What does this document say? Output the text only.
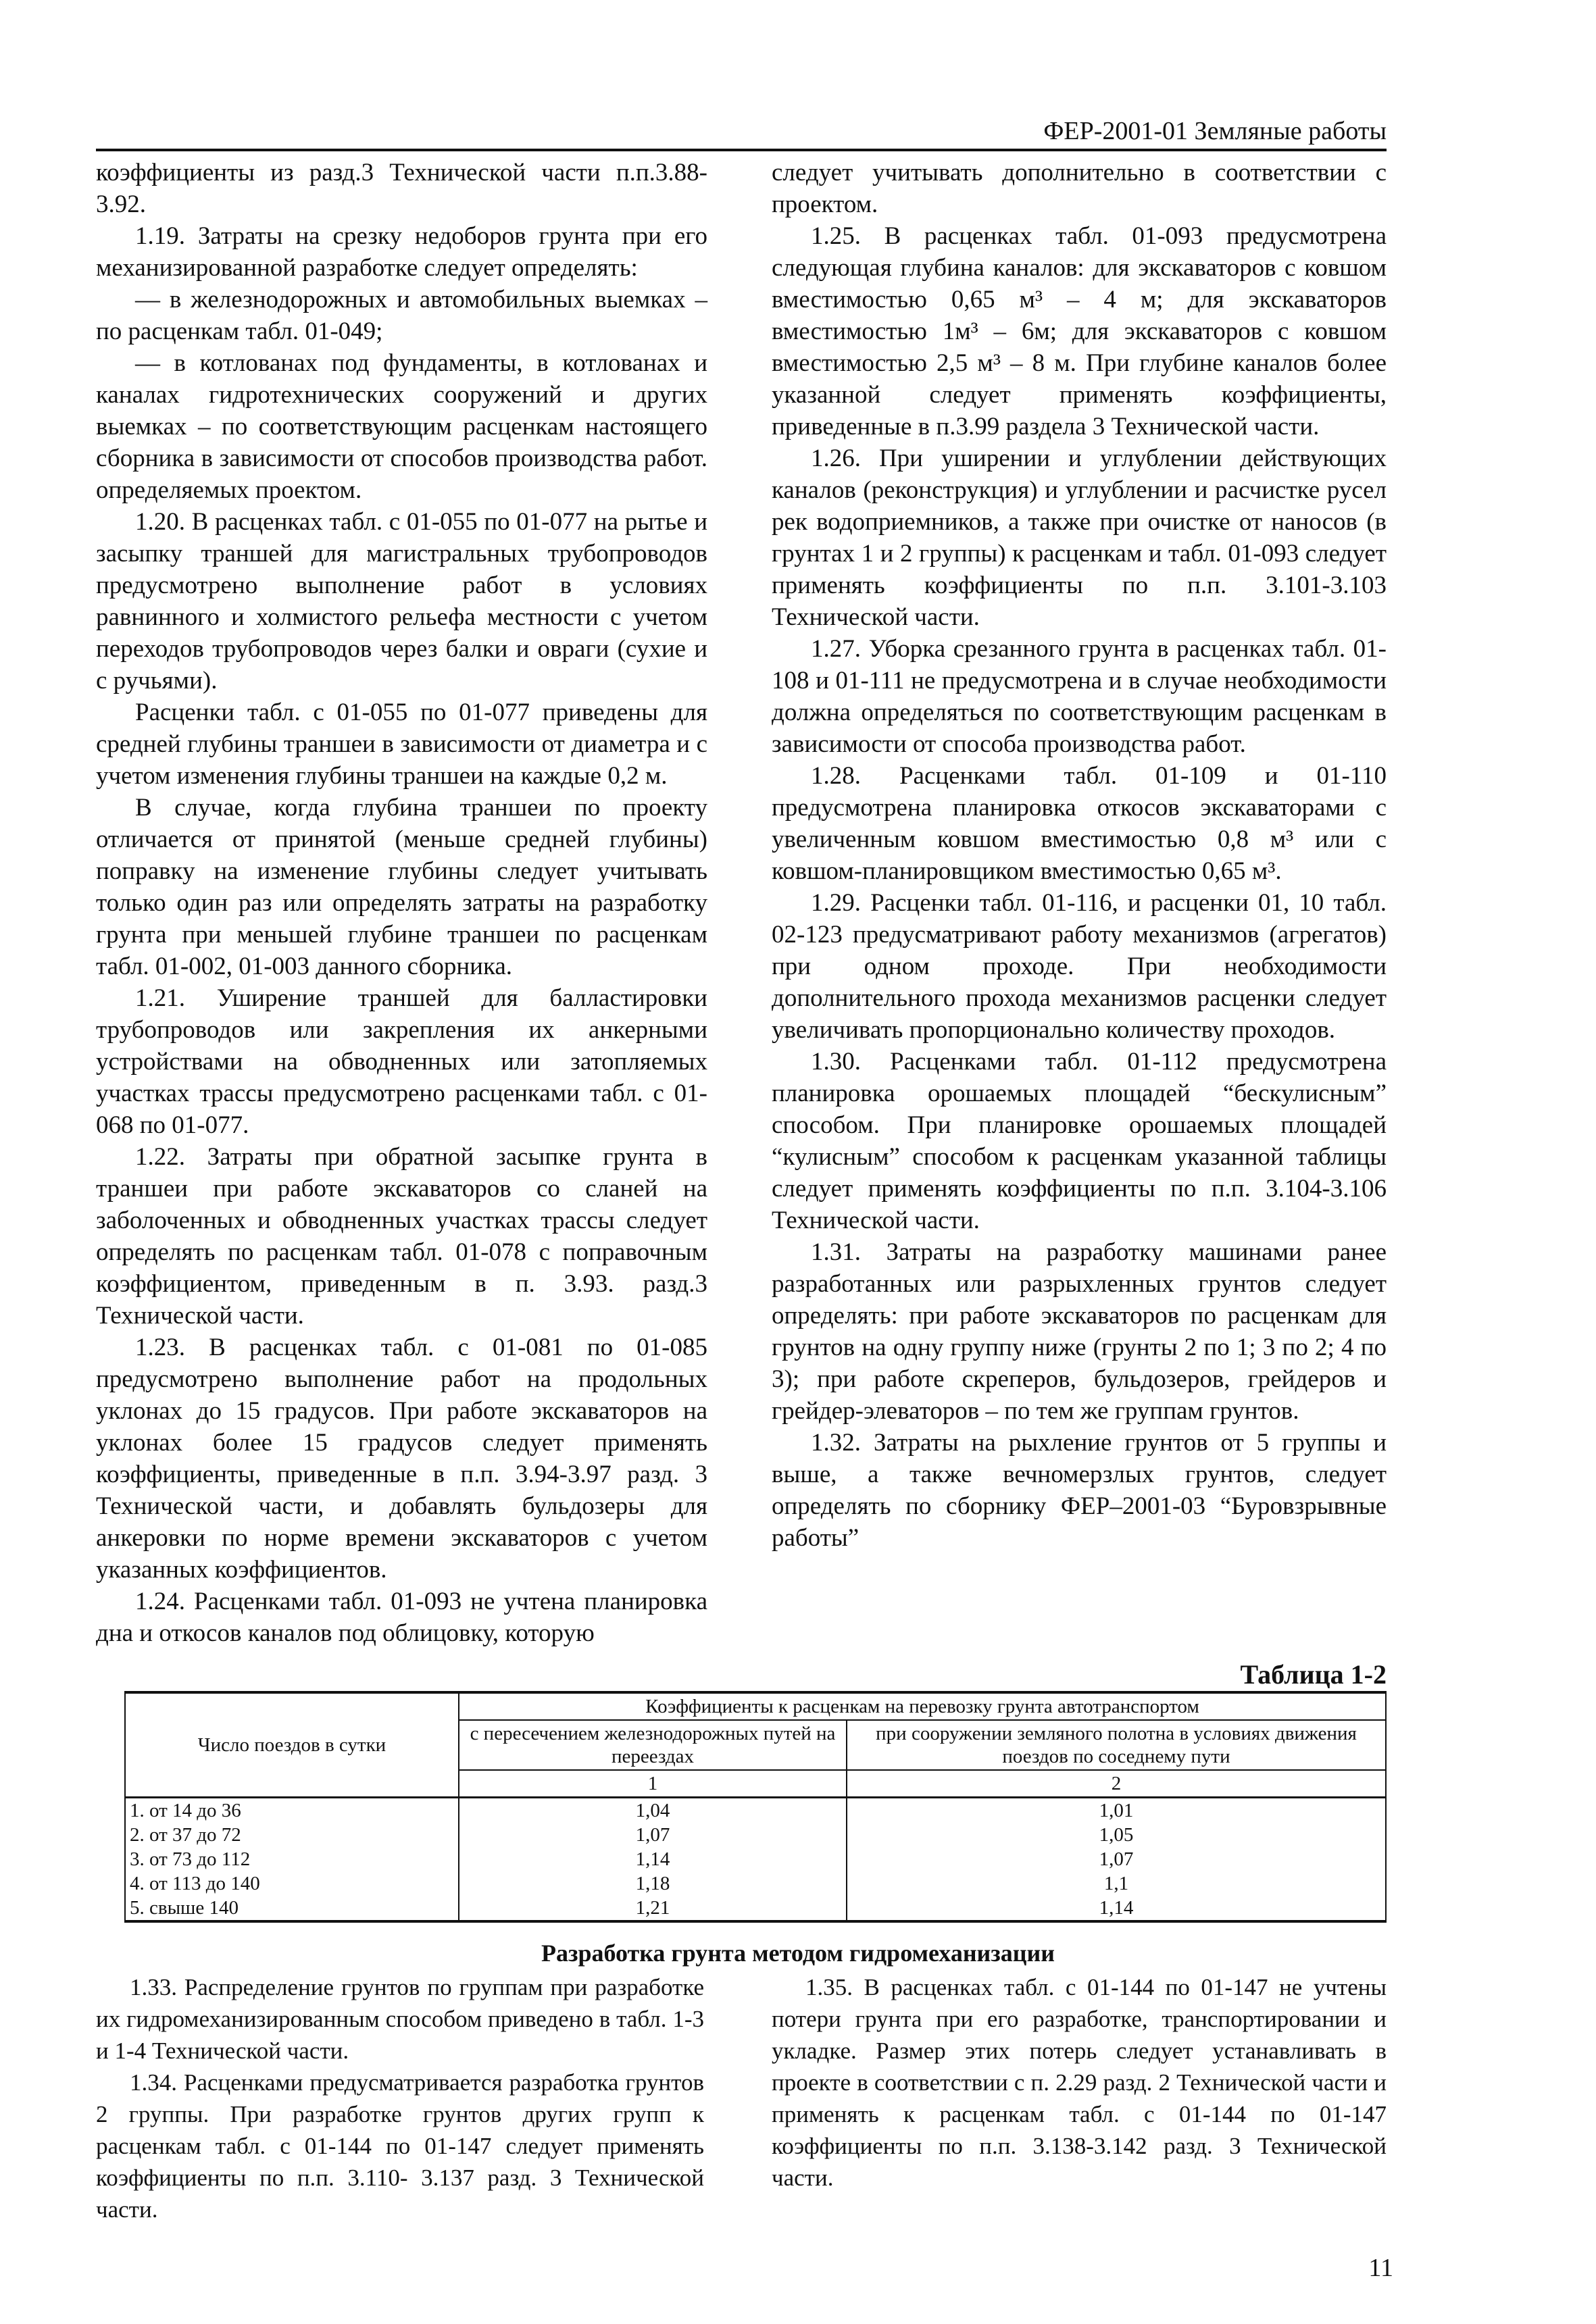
ФЕР-2001-01 Земляные работы

коэффициенты из разд.3 Технической части п.п.3.88-3.92.

1.19. Затраты на срезку недоборов грунта при его механизированной разработке следует определять:

— в железнодорожных и автомобильных выемках – по расценкам табл. 01-049;

— в котлованах под фундаменты, в котлованах и каналах гидротехнических сооружений и других выемках – по соответствующим расценкам настоящего сборника в зависимости от способов производства работ. определяемых проектом.

1.20. В расценках табл. с 01-055 по 01-077 на рытье и засыпку траншей для магистральных трубопроводов предусмотрено выполнение работ в условиях равнинного и холмистого рельефа местности с учетом переходов трубопроводов через балки и овраги (сухие и с ручьями).

Расценки табл. с 01-055 по 01-077 приведены для средней глубины траншеи в зависимости от диаметра и с учетом изменения глубины траншеи на каждые 0,2 м.

В случае, когда глубина траншеи по проекту отличается от принятой (меньше средней глубины) поправку на изменение глубины следует учитывать только один раз или определять затраты на разработку грунта при меньшей глубине траншеи по расценкам табл. 01-002, 01-003 данного сборника.

1.21. Уширение траншей для балластировки трубопроводов или закрепления их анкерными устройствами на обводненных или затопляемых участках трассы предусмотрено расценками табл. с 01-068 по 01-077.

1.22. Затраты при обратной засыпке грунта в траншеи при работе экскаваторов со сланей на заболоченных и обводненных участках трассы следует определять по расценкам табл. 01-078 с поправочным коэффициентом, приведенным в п. 3.93. разд.3 Технической части.

1.23. В расценках табл. с 01-081 по 01-085 предусмотрено выполнение работ на продольных уклонах до 15 градусов. При работе экскаваторов на уклонах более 15 градусов следует применять коэффициенты, приведенные в п.п. 3.94-3.97 разд. 3 Технической части, и добавлять бульдозеры для анкеровки по норме времени экскаваторов с учетом указанных коэффициентов.

1.24. Расценками табл. 01-093 не учтена планировка дна и откосов каналов под облицовку, которую

следует учитывать дополнительно в соответствии с проектом.

1.25. В расценках табл. 01-093 предусмотрена следующая глубина каналов: для экскаваторов с ковшом вместимостью 0,65 м³ – 4 м; для экскаваторов вместимостью 1м³ – 6м; для экскаваторов с ковшом вместимостью 2,5 м³ – 8 м. При глубине каналов более указанной следует применять коэффициенты, приведенные в п.3.99 раздела 3 Технической части.

1.26. При уширении и углублении действующих каналов (реконструкция) и углублении и расчистке русел рек водоприемников, а также при очистке от наносов (в грунтах 1 и 2 группы) к расценкам и табл. 01-093 следует применять коэффициенты по п.п. 3.101-3.103 Технической части.

1.27. Уборка срезанного грунта в расценках табл. 01-108 и 01-111 не предусмотрена и в случае необходимости должна определяться по соответствующим расценкам в зависимости от способа производства работ.

1.28. Расценками табл. 01-109 и 01-110 предусмотрена планировка откосов экскаваторами с увеличенным ковшом вместимостью 0,8 м³ или с ковшом-планировщиком вместимостью 0,65 м³.

1.29. Расценки табл. 01-116, и расценки 01, 10 табл. 02-123 предусматривают работу механизмов (агрегатов) при одном проходе. При необходимости дополнительного прохода механизмов расценки следует увеличивать пропорционально количеству проходов.

1.30. Расценками табл. 01-112 предусмотрена планировка орошаемых площадей “бескулисным” способом. При планировке орошаемых площадей “кулисным” способом к расценкам указанной таблицы следует применять коэффициенты по п.п. 3.104-3.106 Технической части.

1.31. Затраты на разработку машинами ранее разработанных или разрыхленных грунтов следует определять: при работе экскаваторов по расценкам для грунтов на одну группу ниже (грунты 2 по 1; 3 по 2; 4 по 3); при работе скреперов, бульдозеров, грейдеров и грейдер-элеваторов – по тем же группам грунтов.

1.32. Затраты на рыхление грунтов от 5 группы и выше, а также вечномерзлых грунтов, следует определять по сборнику ФЕР–2001-03 “Буровзрывные работы”

Таблица 1-2
Число поездов в сутки	Коэффициенты к расценкам на перевозку грунта автотранспортом	
	с пересечением железнодорожных путей на переездах	при сооружении земляного полотна в условиях движения поездов по соседнему пути
	1	2
1. от 14 до 36	1,04	1,01
2. от 37 до 72	1,07	1,05
3. от 73 до 112	1,14	1,07
4. от 113 до 140	1,18	1,1
5. свыше 140	1,21	1,14
Разработка грунта методом гидромеханизации

1.33. Распределение грунтов по группам при разработке их гидромеханизированным способом приведено в табл. 1-3 и 1-4 Технической части.

1.34. Расценками предусматривается разработка грунтов 2 группы. При разработке грунтов других групп к расценкам табл. с 01-144 по 01-147 следует применять коэффициенты по п.п. 3.110- 3.137 разд. 3 Технической части.

1.35. В расценках табл. с 01-144 по 01-147 не учтены потери грунта при его разработке, транспортировании и укладке. Размер этих потерь следует устанавливать в проекте в соответствии с п. 2.29 разд. 2 Технической части и применять к расценкам табл. с 01-144 по 01-147 коэффициенты по п.п. 3.138-3.142 разд. 3 Технической части.

11
